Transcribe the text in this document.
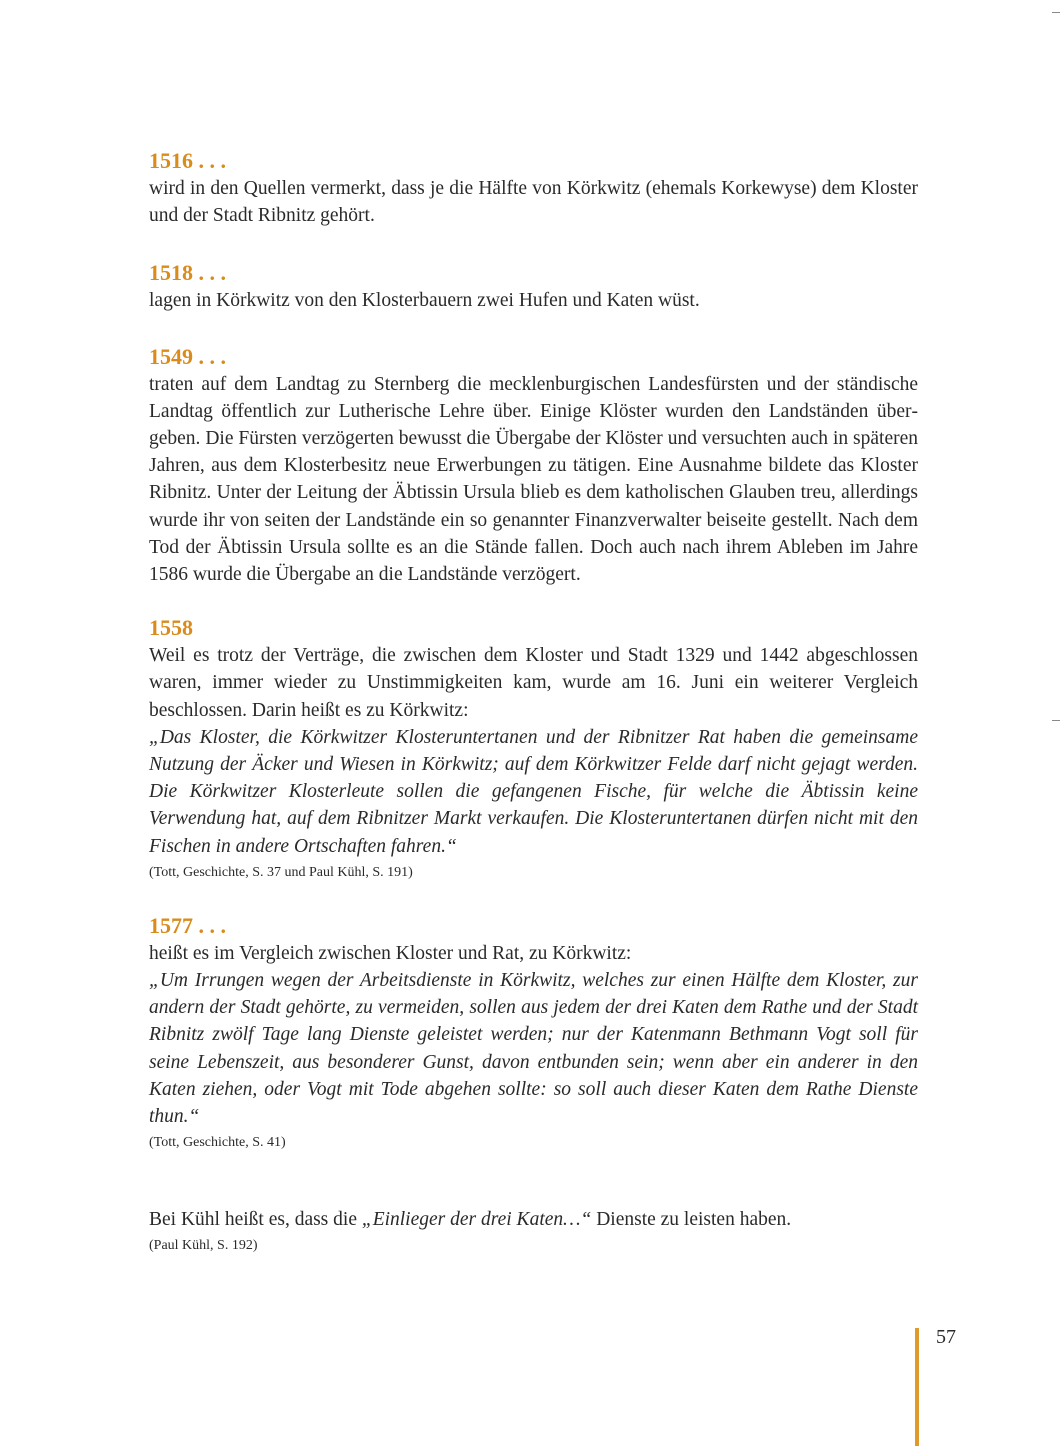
1516 . . .

wird in den Quellen vermerkt, dass je die Hälfte von Körkwitz (ehemals Korkewyse) dem Kloster und der Stadt Ribnitz gehört.

1518 . . .

lagen in Körkwitz von den Klosterbauern zwei Hufen und Katen wüst.

1549 . . .

traten auf dem Landtag zu Sternberg die mecklenburgischen Landesfürsten und der ständische Landtag öffentlich zur Lutherische Lehre über. Einige Klöster wurden den Landständen übergeben. Die Fürsten verzögerten bewusst die Übergabe der Klöster und versuchten auch in späteren Jahren, aus dem Klosterbesitz neue Erwerbungen zu tätigen. Eine Ausnahme bildete das Kloster Ribnitz. Unter der Leitung der Äbtissin Ursula blieb es dem katholischen Glauben treu, allerdings wurde ihr von seiten der Landstände ein so genannter Finanzverwalter beiseite gestellt. Nach dem Tod der Äbtissin Ursula sollte es an die Stände fallen. Doch auch nach ihrem Ableben im Jahre 1586 wurde die Übergabe an die Landstände verzögert.

1558

Weil es trotz der Verträge, die zwischen dem Kloster und Stadt 1329 und 1442 abgeschlossen waren, immer wieder zu Unstimmigkeiten kam, wurde am 16. Juni ein weiterer Vergleich beschlossen. Darin heißt es zu Körkwitz:

„Das Kloster, die Körkwitzer Klosteruntertanen und der Ribnitzer Rat haben die gemeinsame Nutzung der Äcker und Wiesen in Körkwitz; auf dem Körkwitzer Felde darf nicht gejagt werden. Die Körkwitzer Klosterleute sollen die gefangenen Fische, für welche die Äbtissin keine Verwendung hat, auf dem Ribnitzer Markt verkaufen. Die Klosteruntertanen dürfen nicht mit den Fischen in andere Ortschaften fahren.“

(Tott, Geschichte, S. 37 und Paul Kühl, S. 191)

1577 . . .

heißt es im Vergleich zwischen Kloster und Rat, zu Körkwitz:

„Um Irrungen wegen der Arbeitsdienste in Körkwitz, welches zur einen Hälfte dem Kloster, zur andern der Stadt gehörte, zu vermeiden, sollen aus jedem der drei Katen dem Rathe und der Stadt Ribnitz zwölf Tage lang Dienste geleistet werden; nur der Katenmann Bethmann Vogt soll für seine Lebenszeit, aus besonderer Gunst, davon entbunden sein; wenn aber ein anderer in den Katen ziehen, oder Vogt mit Tode abgehen sollte: so soll auch dieser Katen dem Rathe Dienste thun.“

(Tott, Geschichte, S. 41)

Bei Kühl heißt es, dass die „Einlieger der drei Katen…“ Dienste zu leisten haben.

(Paul Kühl, S. 192)

57
